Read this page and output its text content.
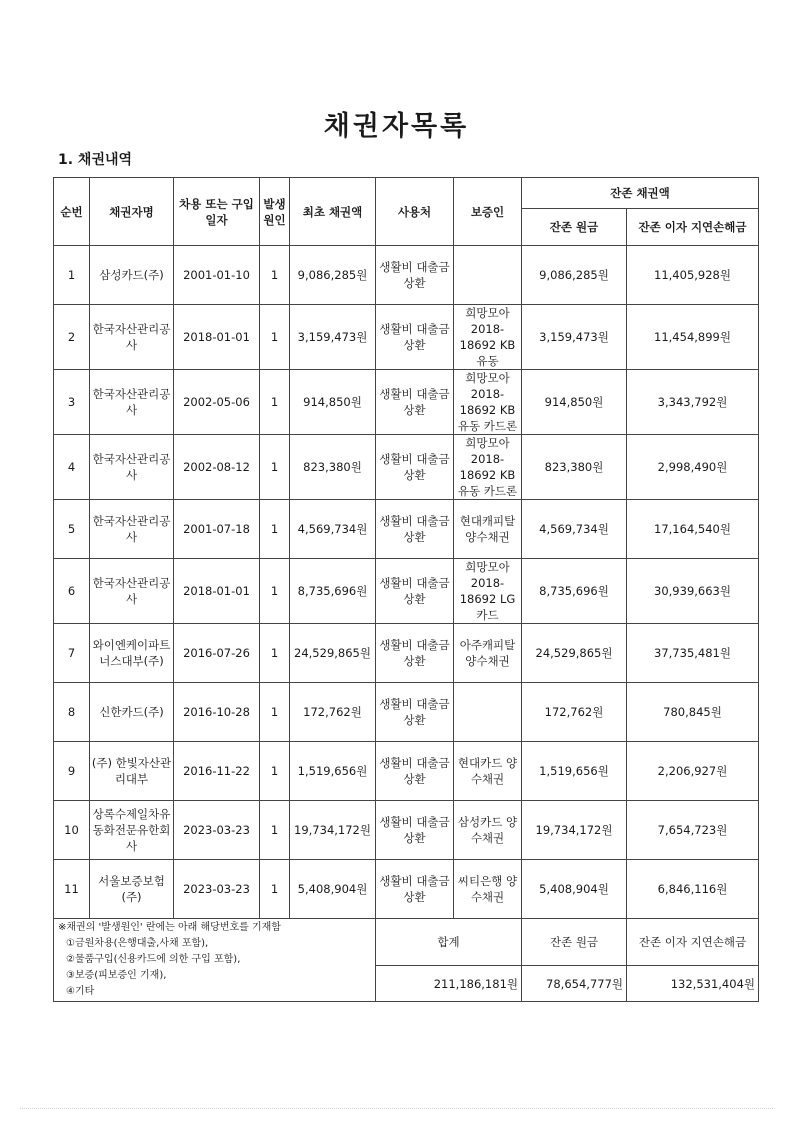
채권자목록
1. 채권내역
순번	채권자명	차용 또는 구입일자	발생 원인	최초 채권액	사용처	보증인	잔존 채권액	
							잔존 원금	잔존 이자 지연손해금
1	삼성카드(주)	2001-01-10	1	9,086,285원	생활비 대출금 상환		9,086,285원	11,405,928원
2	한국자산관리공사	2018-01-01	1	3,159,473원	생활비 대출금 상환	희망모아 2018-18692 KB유동	3,159,473원	11,454,899원
3	한국자산관리공사	2002-05-06	1	914,850원	생활비 대출금 상환	희망모아 2018-18692 KB유동 카드론	914,850원	3,343,792원
4	한국자산관리공사	2002-08-12	1	823,380원	생활비 대출금 상환	희망모아 2018-18692 KB유동 카드론	823,380원	2,998,490원
5	한국자산관리공사	2001-07-18	1	4,569,734원	생활비 대출금 상환	현대캐피탈 양수채권	4,569,734원	17,164,540원
6	한국자산관리공사	2018-01-01	1	8,735,696원	생활비 대출금 상환	희망모아 2018-18692 LG 카드	8,735,696원	30,939,663원
7	와이엔케이파트너스대부(주)	2016-07-26	1	24,529,865원	생활비 대출금 상환	아주캐피탈 양수채권	24,529,865원	37,735,481원
8	신한카드(주)	2016-10-28	1	172,762원	생활비 대출금 상환		172,762원	780,845원
9	(주) 한빛자산관리대부	2016-11-22	1	1,519,656원	생활비 대출금 상환	현대카드 양수채권	1,519,656원	2,206,927원
10	상록수제일차유동화전문유한회사	2023-03-23	1	19,734,172원	생활비 대출금 상환	삼성카드 양수채권	19,734,172원	7,654,723원
11	서울보증보험(주)	2023-03-23	1	5,408,904원	생활비 대출금 상환	씨티은행 양수채권	5,408,904원	6,846,116원

※채권의 '발생원인' 란에는 아래 해당번호를 기재함
①금원차용(은행대출,사채 포함),
②물품구입(신용카드에 의한 구입 포함),
③보증(피보증인 기재),
④기타					합계		잔존 원금	잔존 이자 지연손해금
					211,186,181원		78,654,777원	132,531,404원
